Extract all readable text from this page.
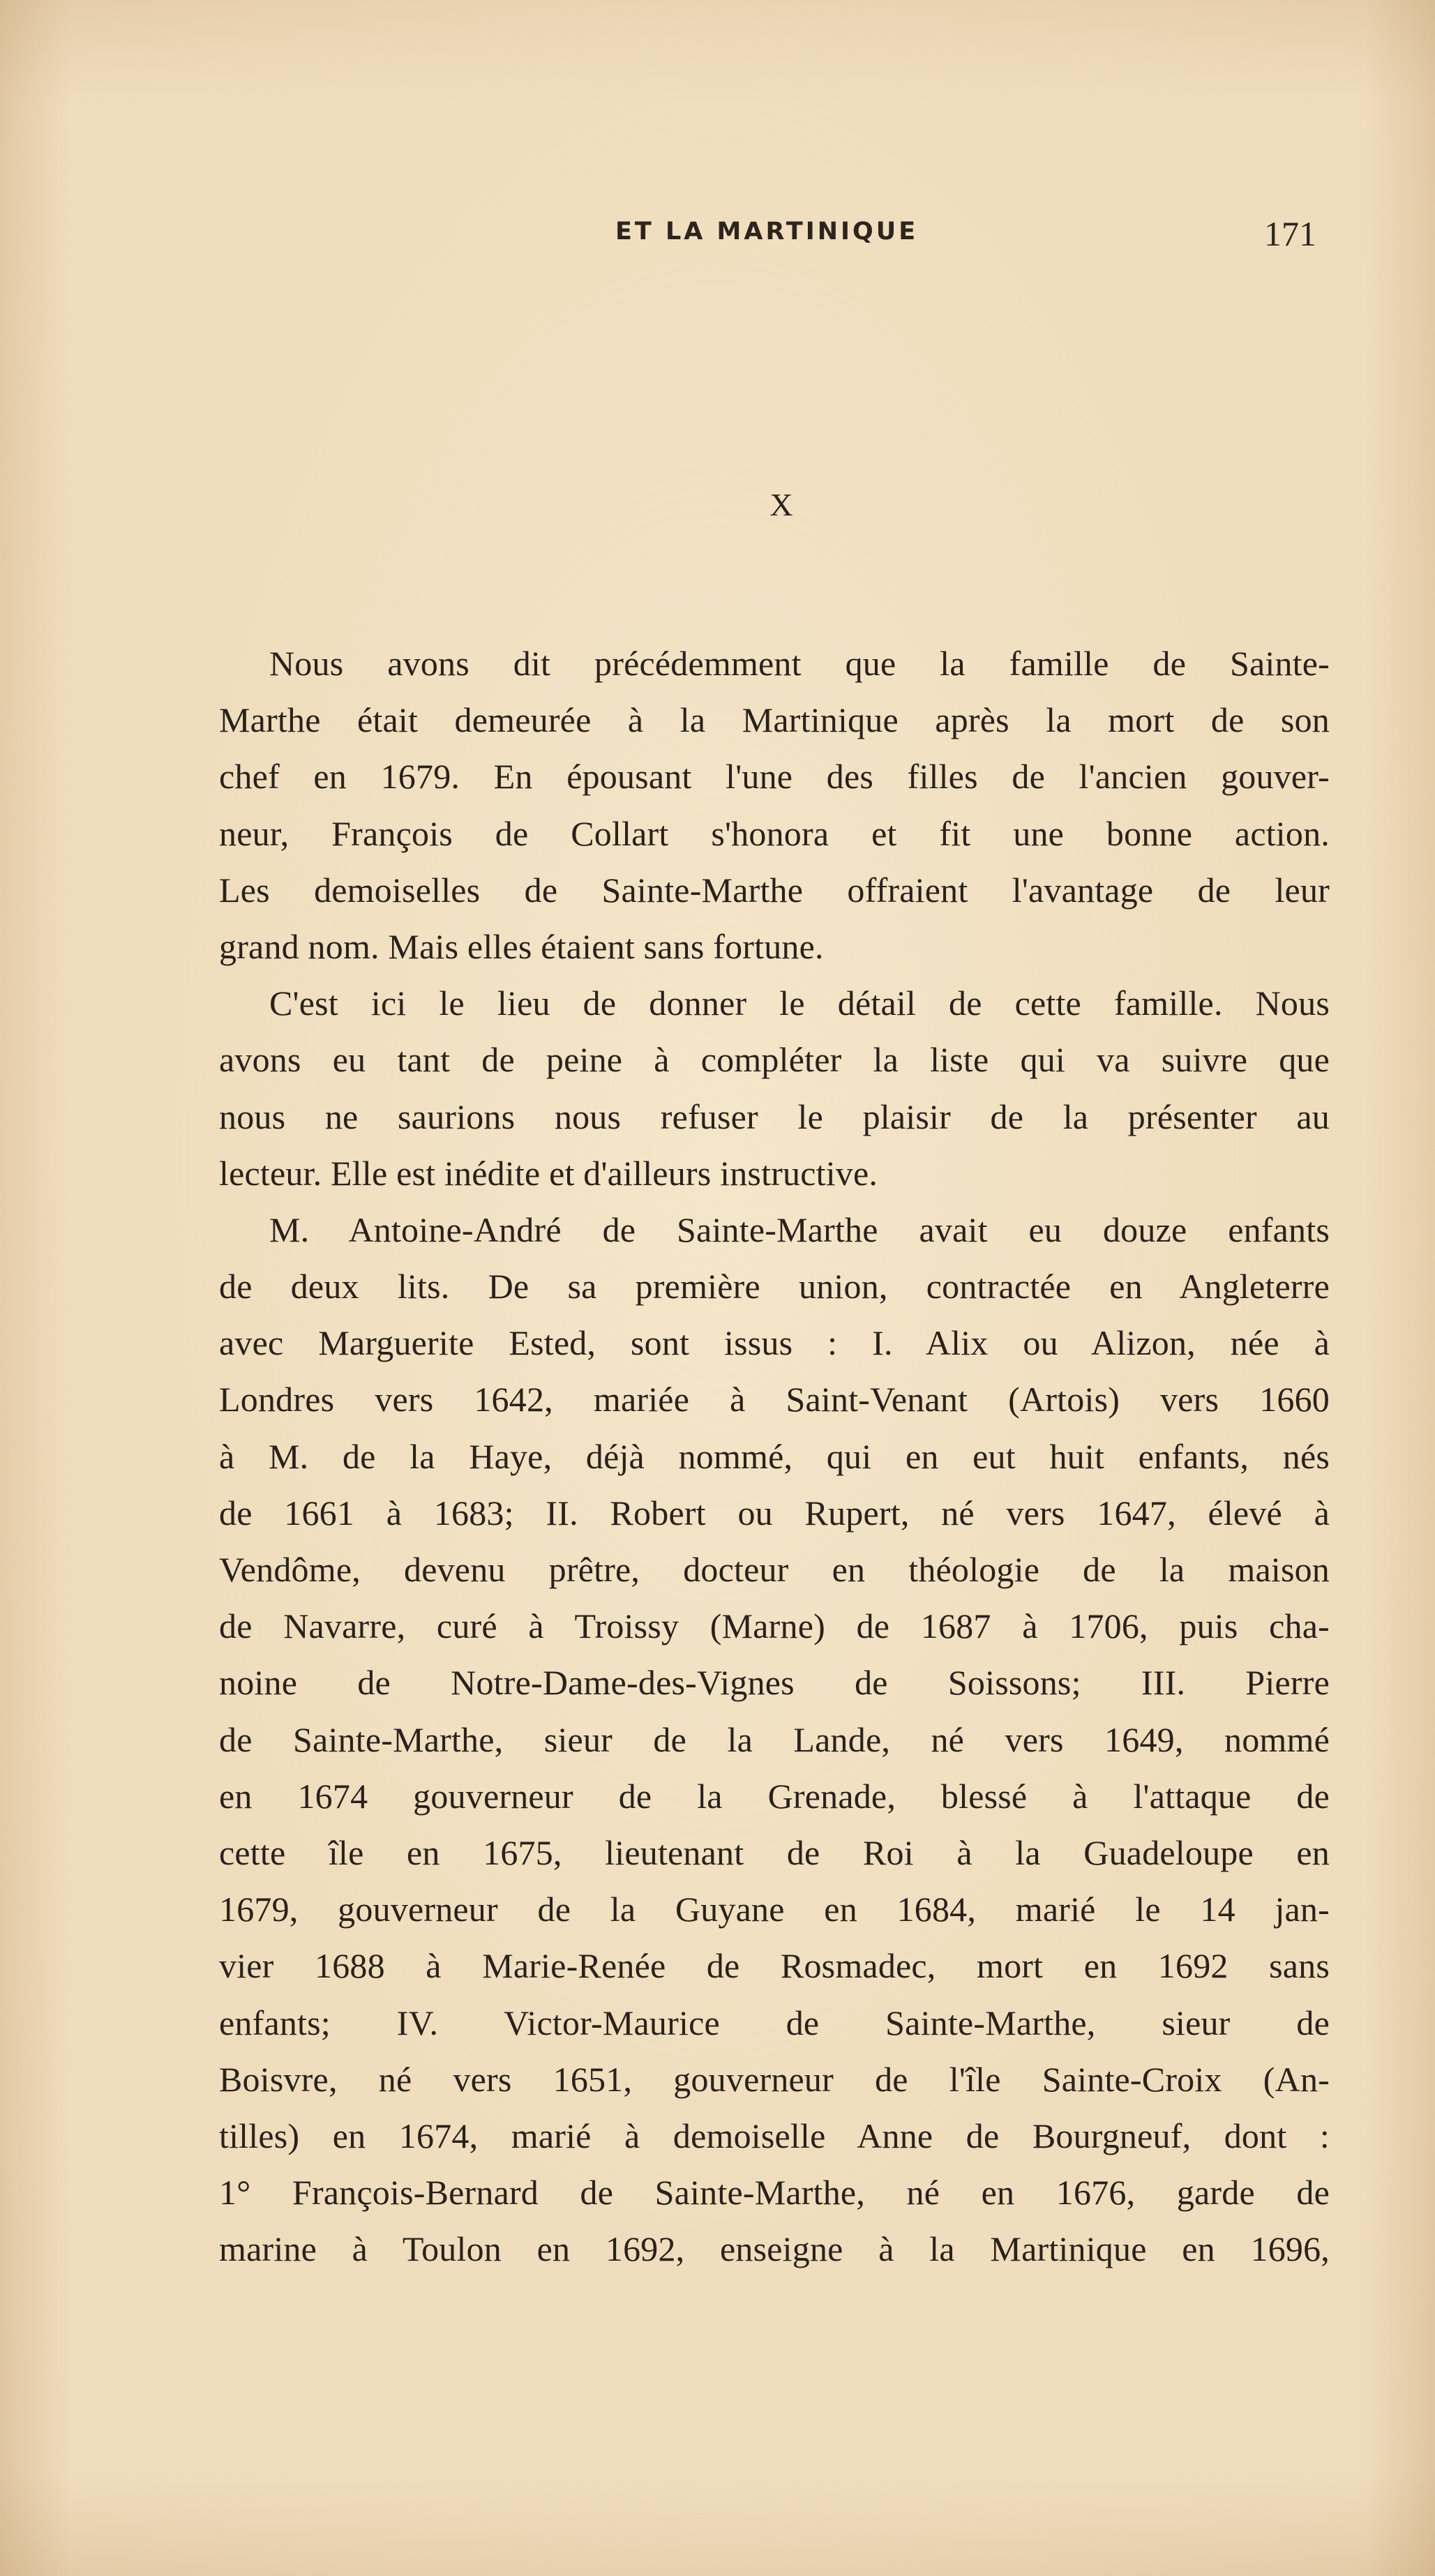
ET LA MARTINIQUE	171
X
Nous avons dit précédemment que la famille de Sainte-
Marthe était demeurée à la Martinique après la mort de son
chef en 1679. En épousant l'une des filles de l'ancien gouver-
neur, François de Collart s'honora et fit une bonne action.
Les demoiselles de Sainte-Marthe offraient l'avantage de leur
grand nom. Mais elles étaient sans fortune.
C'est ici le lieu de donner le détail de cette famille. Nous
avons eu tant de peine à compléter la liste qui va suivre que
nous ne saurions nous refuser le plaisir de la présenter au
lecteur. Elle est inédite et d'ailleurs instructive.
M. Antoine-André de Sainte-Marthe avait eu douze enfants
de deux lits. De sa première union, contractée en Angleterre
avec Marguerite Ested, sont issus : I. Alix ou Alizon, née à
Londres vers 1642, mariée à Saint-Venant (Artois) vers 1660
à M. de la Haye, déjà nommé, qui en eut huit enfants, nés
de 1661 à 1683; II. Robert ou Rupert, né vers 1647, élevé à
Vendôme, devenu prêtre, docteur en théologie de la maison
de Navarre, curé à Troissy (Marne) de 1687 à 1706, puis cha-
noine de Notre-Dame-des-Vignes de Soissons; III. Pierre
de Sainte-Marthe, sieur de la Lande, né vers 1649, nommé
en 1674 gouverneur de la Grenade, blessé à l'attaque de
cette île en 1675, lieutenant de Roi à la Guadeloupe en
1679, gouverneur de la Guyane en 1684, marié le 14 jan-
vier 1688 à Marie-Renée de Rosmadec, mort en 1692 sans
enfants; IV. Victor-Maurice de Sainte-Marthe, sieur de
Boisvre, né vers 1651, gouverneur de l'île Sainte-Croix (An-
tilles) en 1674, marié à demoiselle Anne de Bourgneuf, dont :
1° François-Bernard de Sainte-Marthe, né en 1676, garde de
marine à Toulon en 1692, enseigne à la Martinique en 1696,
